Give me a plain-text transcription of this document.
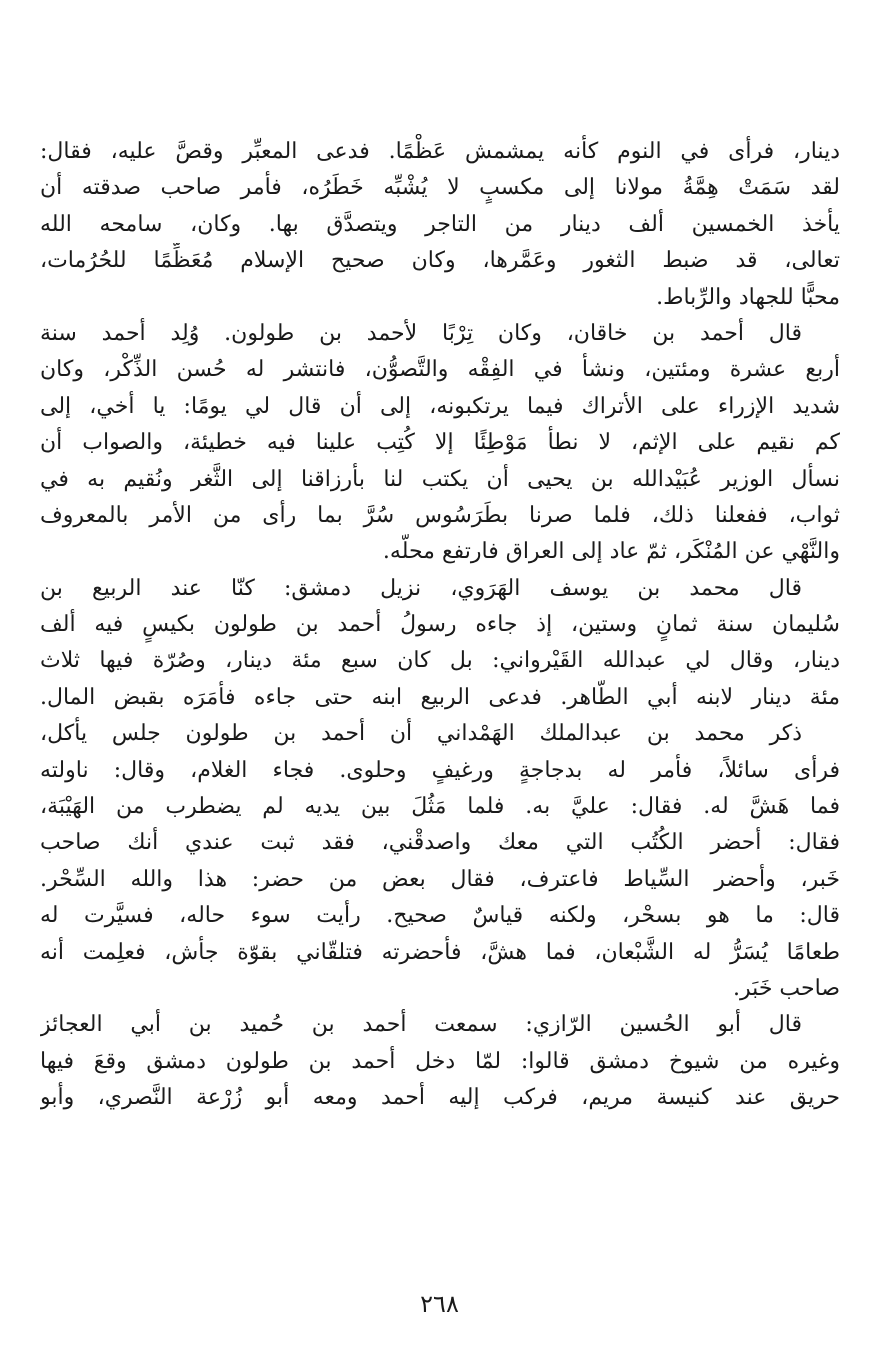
دينار، فرأى في النوم كأنه يمشمش عَظْمًا. فدعى المعبِّر وقصَّ عليه، فقال:
لقد سَمَتْ هِمَّةُ مولانا إلى مكسبٍ لا يُشْبِّه خَطَرُه، فأمر صاحب صدقته أن
يأخذ الخمسين ألف دينار من التاجر ويتصدَّق بها. وكان، سامحه الله
تعالى، قد ضبط الثغور وعَمَّرها، وكان صحيح الإسلام مُعَظِّمًا للحُرُمات،
محبًّا للجهاد والرِّباط.
قال أحمد بن خاقان، وكان تِرْبًا لأحمد بن طولون. وُلِد أحمد سنة
أربع عشرة ومئتين، ونشأ في الفِقْه والتَّصوُّن، فانتشر له حُسن الذِّكْر، وكان
شديد الإزراء على الأتراك فيما يرتكبونه، إلى أن قال لي يومًا: يا أخي، إلى
كم نقيم على الإثم، لا نطأ مَوْطِئًا إلا كُتِب علينا فيه خطيئة، والصواب أن
نسأل الوزير عُبَيْدالله بن يحيى أن يكتب لنا بأرزاقنا إلى الثَّغر ونُقيم به في
ثواب، ففعلنا ذلك، فلما صرنا بطَرَسُوس سُرَّ بما رأى من الأمر بالمعروف
والنَّهْي عن المُنْكَر، ثمّ عاد إلى العراق فارتفع محلُّه.
قال محمد بن يوسف الهَرَوي، نزيل دمشق: كنّا عند الربيع بن
سُليمان سنة ثمانٍ وستين، إذ جاءه رسولُ أحمد بن طولون بكيسٍ فيه ألف
دينار، وقال لي عبدالله القَيْرواني: بل كان سبع مئة دينار، وصُرّة فيها ثلاث
مئة دينار لابنه أبي الطَّاهر. فدعى الربيع ابنه حتى جاءه فأمَرَه بقبض المال.
ذكر محمد بن عبدالملك الهَمْداني أن أحمد بن طولون جلس يأكل،
فرأى سائلاً، فأمر له بدجاجةٍ ورغيفٍ وحلوى. فجاء الغلام، وقال: ناولته
فما هَشَّ له. فقال: عليَّ به. فلما مَثُلَ بين يديه لم يضطرب من الهَيْبَة،
فقال: أحضر الكُتُب التي معك واصدقْني، فقد ثبت عندي أنك صاحب
خَبر، وأحضر السِّياط فاعترف، فقال بعض من حضر: هذا والله السِّحْر.
قال: ما هو بسحْر، ولكنه قياسٌ صحيح. رأيت سوء حاله، فسيَّرت له
طعامًا يُسَرُّ له الشَّبْعان، فما هشَّ، فأحضرته فتلقّاني بقوّة جأش، فعلِمت أنه
صاحب خَبَر.
قال أبو الحُسين الرّازي: سمعت أحمد بن حُميد بن أبي العجائز
وغيره من شيوخ دمشق قالوا: لمّا دخل أحمد بن طولون دمشق وقعَ فيها
حريق عند كنيسة مريم، فركب إليه أحمد ومعه أبو زُرْعة النَّصري، وأبو
٢٦٨
